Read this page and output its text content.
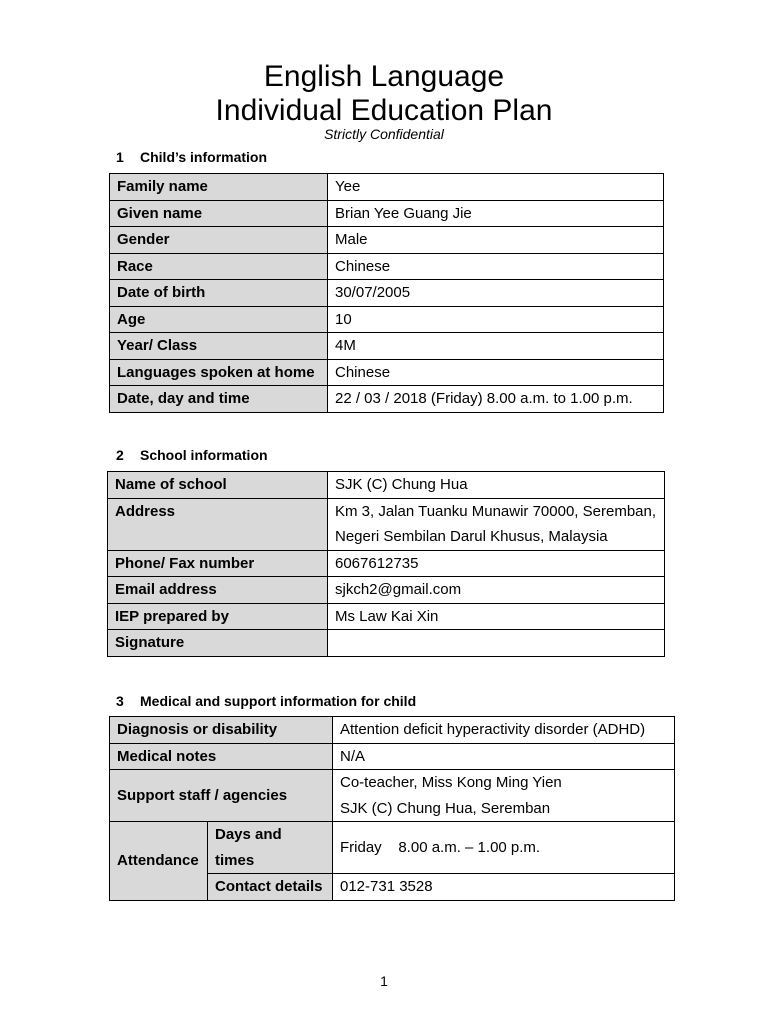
English Language
Individual Education Plan
Strictly Confidential
1 Child’s information
Family name	Yee
Given name	Brian Yee Guang Jie
Gender	Male
Race	Chinese
Date of birth	30/07/2005
Age	10
Year/ Class	4M
Languages spoken at home	Chinese
Date, day and time	22 / 03 / 2018 (Friday) 8.00 a.m. to 1.00 p.m.
2 School information
Name of school	SJK (C) Chung Hua
Address	Km 3, Jalan Tuanku Munawir 70000, Seremban, Negeri Sembilan Darul Khusus, Malaysia
Phone/ Fax number	6067612735
Email address	sjkch2@gmail.com
IEP prepared by	Ms Law Kai Xin
Signature	
3 Medical and support information for child
Diagnosis or disability		Attention deficit hyperactivity disorder (ADHD)
Medical notes		N/A
Support staff / agencies		Co-teacher, Miss Kong Ming Yien
SJK (C) Chung Hua, Seremban

Attendance	Days and times	Friday    8.00 a.m. – 1.00 p.m.
	Contact details	012-731 3528
1
